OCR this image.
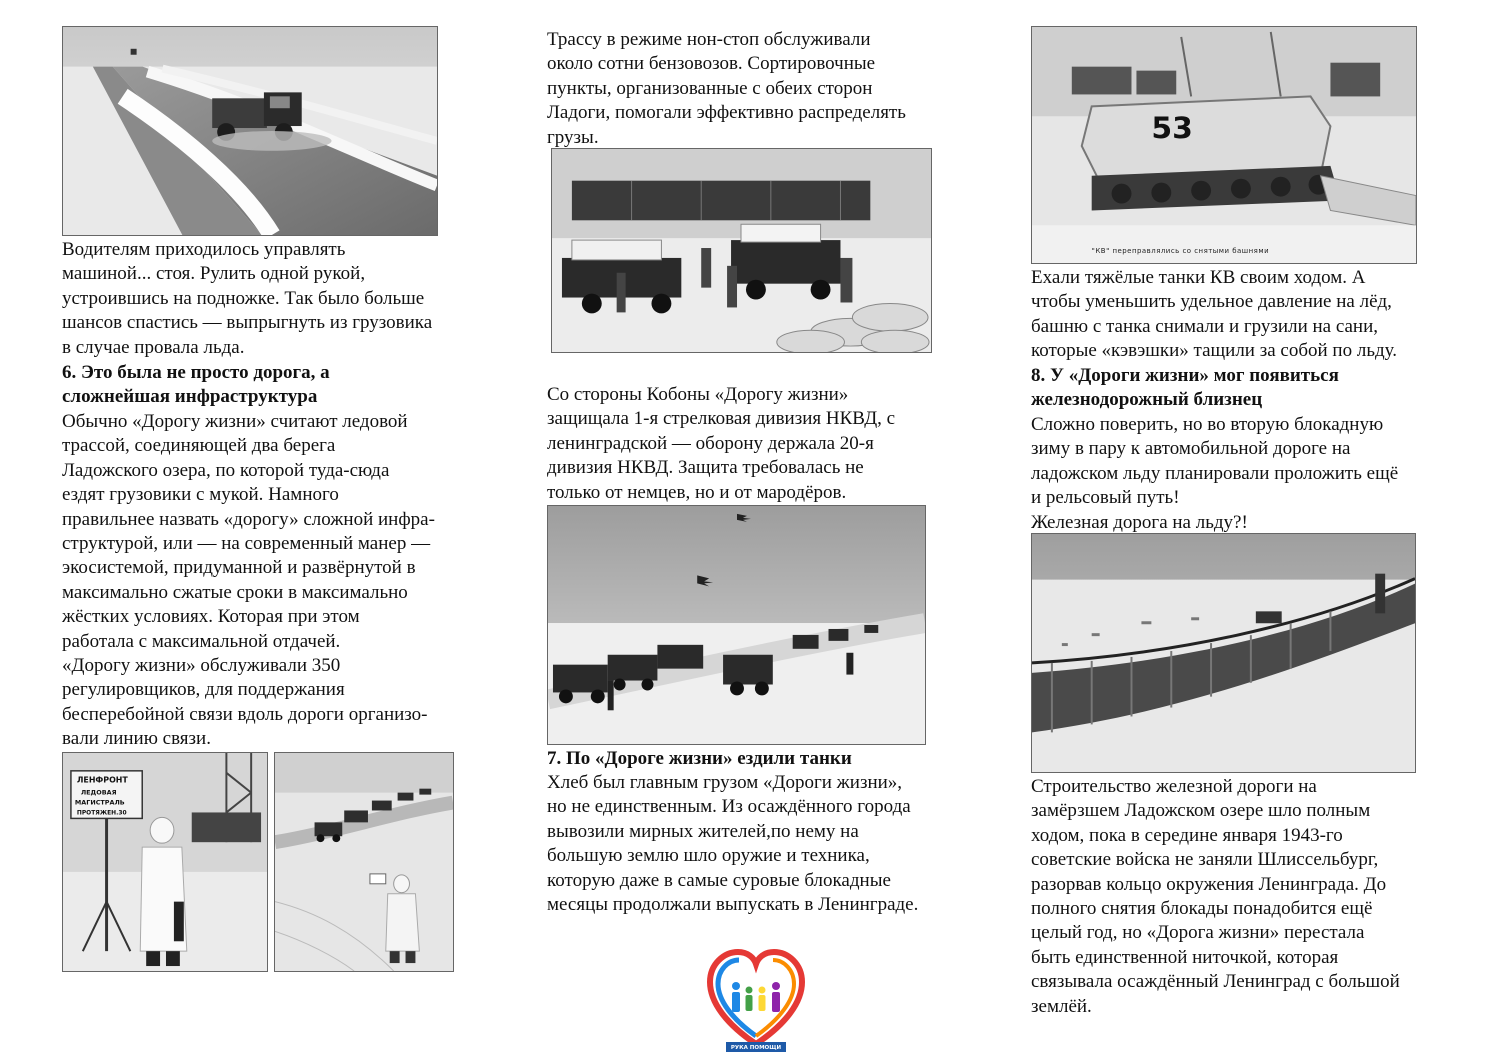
Водителям приходилось управлять
машиной... стоя. Рулить одной рукой,
устроившись на подножке. Так было больше
шансов спастись — выпрыгнуть из грузовика
в случае провала льда.
6. Это была не просто дорога, а
сложнейшая инфраструктура
Обычно «Дорогу жизни» считают ледовой
трассой, соединяющей два берега
Ладожского озера, по которой туда-сюда
ездят грузовики с мукой. Намного
правильнее назвать «дорогу» сложной инфра-
структурой, или — на современный манер —
экосистемой, придуманной и развёрнутой в
максимально сжатые сроки в максимально
жёстких условиях. Которая при этом
работала с максимальной отдачей.
«Дорогу жизни» обслуживали 350
регулировщиков, для поддержания
бесперебойной связи вдоль дороги организо-
вали линию связи.
ЛЕНФРОНТ
ЛЕДОВАЯ
МАГИСТРАЛЬ
ПРОТЯЖЕН.30
Трассу в режиме нон-стоп обслуживали
около сотни бензовозов. Сортировочные
пункты, организованные с обеих сторон
Ладоги, помогали эффективно распределять
грузы.
Со стороны Кобоны «Дорогу жизни»
защищала 1-я стрелковая дивизия НКВД, с
ленинградской — оборону держала 20-я
дивизия НКВД. Защита требовалась не
только от немцев, но и от мародёров.
7. По «Дороге жизни» ездили танки
Хлеб был главным грузом «Дороги жизни»,
но не единственным. Из осаждённого города
вывозили мирных жителей,по нему на
большую землю шло оружие и техника,
которую даже в самые суровые блокадные
месяцы продолжали выпускать в Ленинграде.
РУКА ПОМОЩИ
53
"КВ" переправлялись со снятыми башнями
Ехали тяжёлые танки КВ своим ходом. А
чтобы уменьшить удельное давление на лёд,
башню с танка снимали и грузили на сани,
которые «кэвэшки» тащили за собой по льду.
8. У «Дороги жизни» мог появиться
железнодорожный близнец
Сложно поверить, но во вторую блокадную
зиму в пару к автомобильной дороге на
ладожском льду планировали проложить ещё
и рельсовый путь!
Железная дорога на льду?!
Строительство железной дороги на
замёрзшем Ладожском озере шло полным
ходом, пока в середине января 1943-го
советские войска не заняли Шлиссельбург,
разорвав кольцо окружения Ленинграда. До
полного снятия блокады понадобится ещё
целый год, но «Дорога жизни» перестала
быть единственной ниточкой, которая
связывала осаждённый Ленинград с большой
землёй.
